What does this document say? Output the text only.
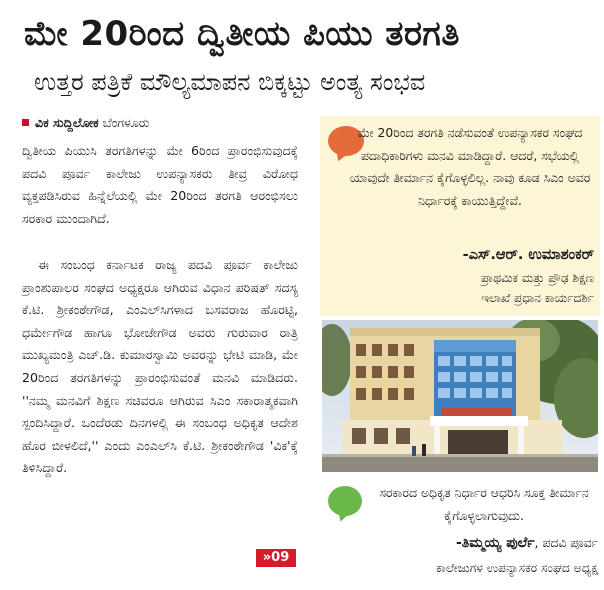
ಮೇ 20ರಿಂದ ದ್ವಿತೀಯ ಪಿಯು ತರಗತಿ
ಉತ್ತರ ಪತ್ರಿಕೆ ಮೌಲ್ಯಮಾಪನ ಬಿಕ್ಕಟ್ಟು ಅಂತ್ಯ ಸಂಭವ
ವಿಕ ಸುದ್ದಿಲೋಕ ಬೆಂಗಳೂರು

ದ್ವಿತೀಯ ಪಿಯುಸಿ ತರಗತಿಗಳನ್ನು ಮೇ 6ರಿಂದ ಪ್ರಾರಂಭಿಸುವುದಕ್ಕೆ ಪದವಿ ಪೂರ್ವ ಕಾಲೇಜು ಉಪನ್ಯಾಸಕರು ತೀವ್ರ ವಿರೋಧ ವ್ಯಕ್ತಪಡಿಸಿರುವ ಹಿನ್ನೆಲೆಯಲ್ಲಿ ಮೇ 20ರಿಂದ ತರಗತಿ ಆರಂಭಿಸಲು ಸರಕಾರ ಮುಂದಾಗಿದೆ.

ಈ ಸಂಬಂಧ ಕರ್ನಾಟಕ ರಾಜ್ಯ ಪದವಿ ಪೂರ್ವ ಕಾಲೇಜು ಪ್ರಾಂಶುಪಾಲರ ಸಂಘದ ಅಧ್ಯಕ್ಷರೂ ಆಗಿರುವ ವಿಧಾನ ಪರಿಷತ್ ಸದಸ್ಯ ಕೆ.ಟಿ. ಶ್ರೀಕಂಠೇಗೌಡ, ಎಂಎಲ್‌ಸಿಗಳಾದ ಬಸವರಾಜ ಹೊರಟ್ಟಿ, ಧರ್ಮೇಗೌಡ ಹಾಗೂ ಭೋಜೇಗೌಡ ಅವರು ಗುರುವಾರ ರಾತ್ರಿ ಮುಖ್ಯಮಂತ್ರಿ ಎಚ್.ಡಿ. ಕುಮಾರಸ್ವಾಮಿ ಅವರನ್ನು ಭೇಟಿ ಮಾಡಿ, ಮೇ 20ರಿಂದ ತರಗತಿಗಳನ್ನು ಪ್ರಾರಂಭಿಸುವಂತೆ ಮನವಿ ಮಾಡಿದರು. ''ನಮ್ಮ ಮನವಿಗೆ ಶಿಕ್ಷಣ ಸಚಿವರೂ ಆಗಿರುವ ಸಿಎಂ ಸಕಾರಾತ್ಮಕವಾಗಿ ಸ್ಪಂದಿಸಿದ್ದಾರೆ. ಒಂದೆರಡು ದಿನಗಳಲ್ಲಿ ಈ ಸಂಬಂಧ ಅಧಿಕೃತ ಆದೇಶ ಹೊರ ಬೀಳಲಿದೆ,'' ಎಂದು ಎಂಎಲ್‌ಸಿ ಕೆ.ಟಿ. ಶ್ರೀಕಂಠೇಗೌಡ 'ವಿಕ'ಕ್ಕೆ ತಿಳಿಸಿದ್ದಾರೆ.

»09

ಮೇ 20ರಿಂದ ತರಗತಿ ನಡೆಸುವಂತೆ ಉಪನ್ಯಾಸಕರ ಸಂಘದ ಪದಾಧಿಕಾರಿಗಳು ಮನವಿ ಮಾಡಿದ್ದಾರೆ. ಆದರೆ, ಸಭೆಯಲ್ಲಿ ಯಾವುದೇ ತೀರ್ಮಾನ ಕೈಗೊಳ್ಳಲಿಲ್ಲ. ನಾವು ಕೂಡ ಸಿಎಂ ಅವರ ನಿರ್ಧಾರಕ್ಕೆ ಕಾಯುತ್ತಿದ್ದೇವೆ.

-ಎಸ್.ಆರ್. ಉಮಾಶಂಕರ್
ಪ್ರಾಥಮಿಕ ಮತ್ತು ಪ್ರೌಢ ಶಿಕ್ಷಣ
ಇಲಾಖೆ ಪ್ರಧಾನ ಕಾರ್ಯದರ್ಶಿ

ಸರಕಾರದ ಅಧಿಕೃತ ನಿರ್ಧಾರ ಆಧರಿಸಿ ಸೂಕ್ತ ತೀರ್ಮಾನ ಕೈಗೊಳ್ಳಲಾಗುವುದು.

-ತಿಮ್ಮಯ್ಯ ಪುರ್ಲೆ, ಪದವಿ ಪೂರ್ವ
ಕಾಲೇಜುಗಳ ಉಪನ್ಯಾಸಕರ ಸಂಘದ ಅಧ್ಯಕ್ಷ
